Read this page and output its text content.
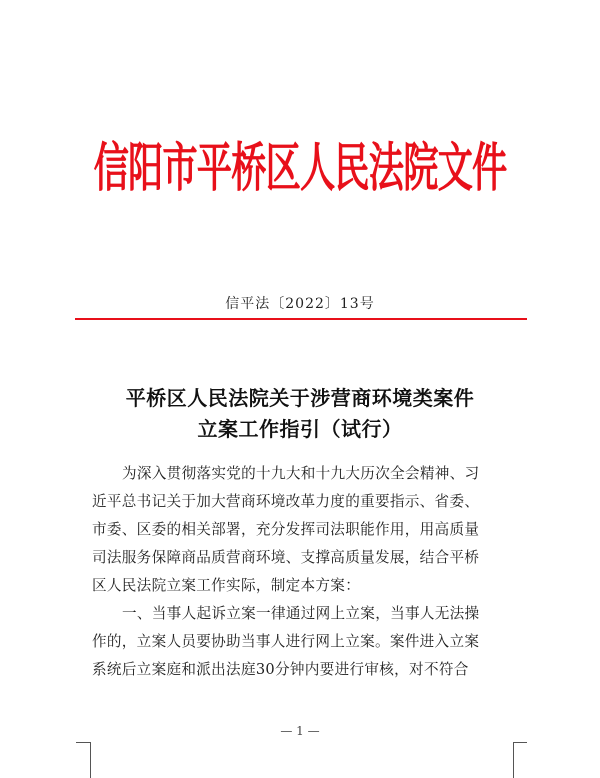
信阳市平桥区人民法院文件
信平法〔2022〕13号
平桥区人民法院关于涉营商环境类案件
立案工作指引（试行）
为深入贯彻落实党的十九大和十九大历次全会精神、习
近平总书记关于加大营商环境改革力度的重要指示、省委、
市委、区委的相关部署，充分发挥司法职能作用，用高质量
司法服务保障商品质营商环境、支撑高质量发展，结合平桥
区人民法院立案工作实际，制定本方案：
一、当事人起诉立案一律通过网上立案，当事人无法操
作的，立案人员要协助当事人进行网上立案。案件进入立案
系统后立案庭和派出法庭30分钟内要进行审核，对不符合
— 1 —
